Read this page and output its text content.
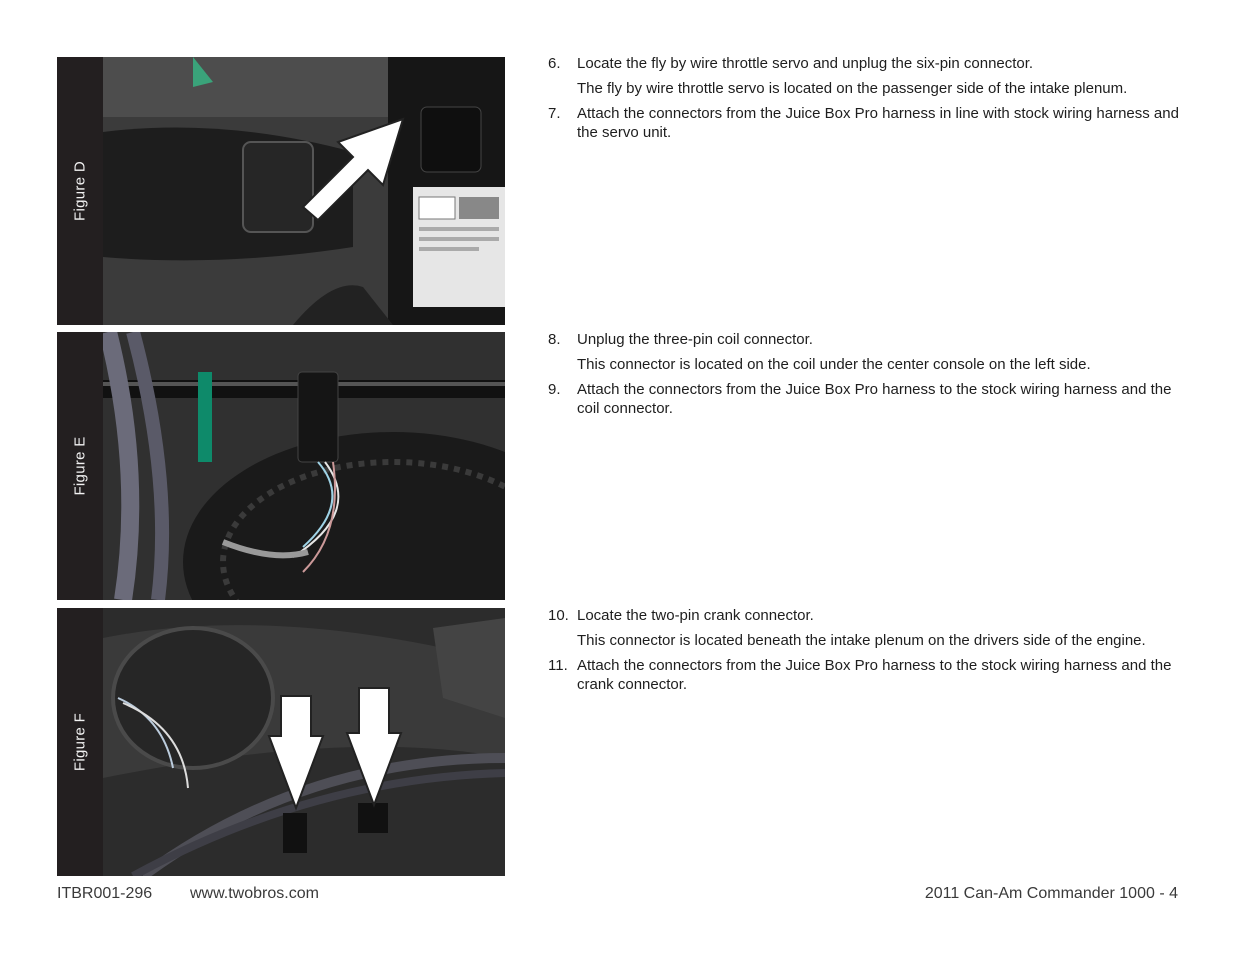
Figure D
Figure E
Figure F
6. Locate the fly by wire throttle servo and unplug the six-pin connector.
The fly by wire throttle servo is located on the passenger side of the intake plenum.
7. Attach the connectors from the Juice Box Pro harness in line with stock wiring harness and the servo unit.
8. Unplug the three-pin coil connector.
This connector is located on the coil under the center console on the left side.
9. Attach the connectors from the Juice Box Pro harness to the stock wiring harness and the coil connector.
10. Locate the two-pin crank connector.
This connector is located beneath the intake plenum on the drivers side of the engine.
11. Attach the connectors from the Juice Box Pro harness to the stock wiring harness and the crank connector.
ITBR001-296 www.twobros.com	2011 Can-Am Commander 1000 - 4
